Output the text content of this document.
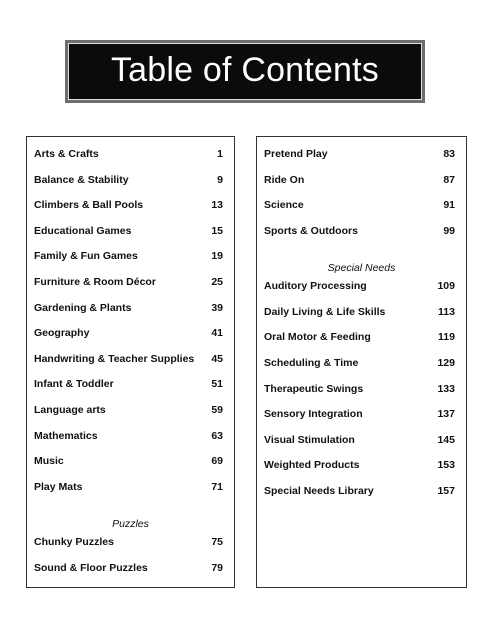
Table of Contents
Arts & Crafts	1
Balance & Stability	9
Climbers & Ball Pools	13
Educational Games	15
Family & Fun Games	19
Furniture & Room Décor	25
Gardening & Plants	39
Geography	41
Handwriting & Teacher Supplies 45
Infant & Toddler	51
Language arts	59
Mathematics	63
Music	69
Play Mats	71
Puzzles
Chunky Puzzles	75
Sound & Floor Puzzles	79
Pretend Play	83
Ride On	87
Science	91
Sports & Outdoors	99
Special Needs
Auditory Processing	109
Daily Living & Life Skills	113
Oral Motor & Feeding	119
Scheduling & Time	129
Therapeutic Swings	133
Sensory Integration	137
Visual Stimulation	145
Weighted Products	153
Special Needs Library	157
